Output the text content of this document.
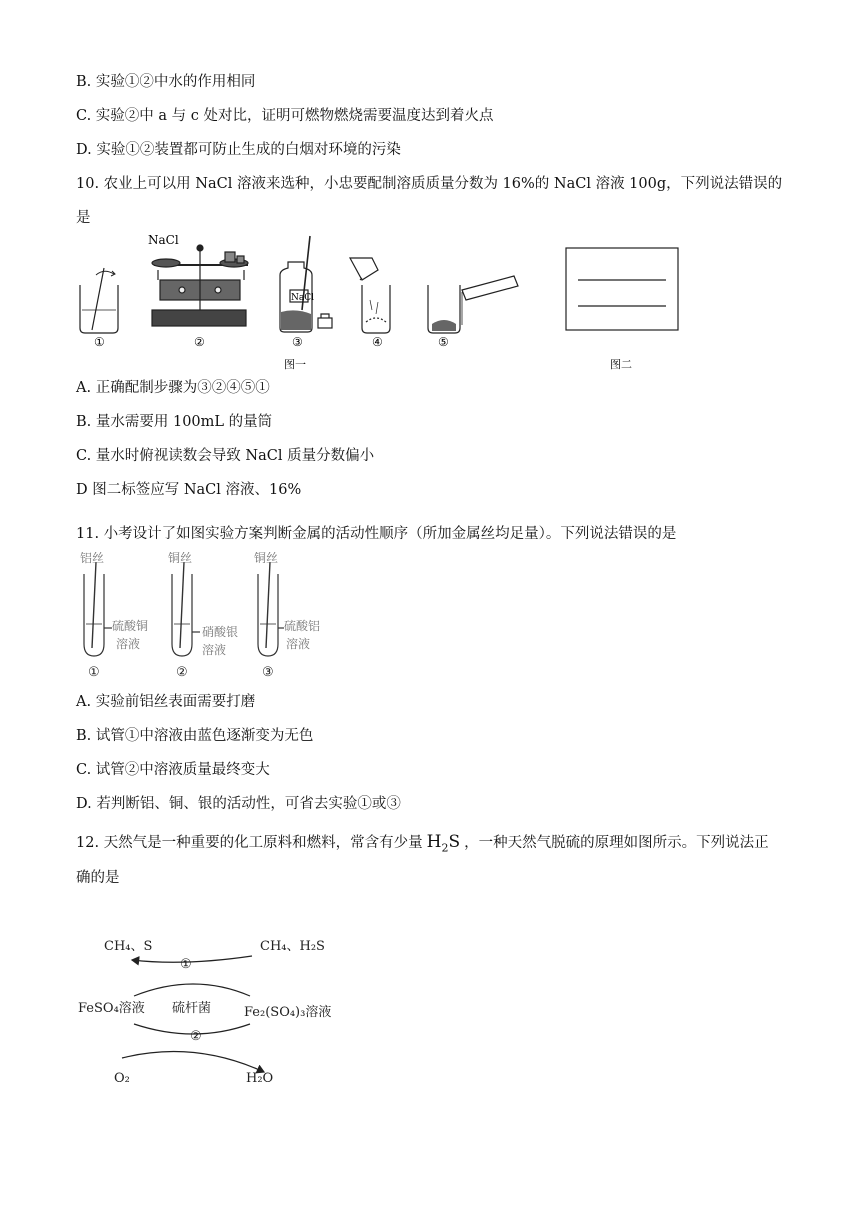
B. 实验①②中水的作用相同
C. 实验②中 a 与 c 处对比，证明可燃物燃烧需要温度达到着火点
D. 实验①②装置都可防止生成的白烟对环境的污染
10. 农业上可以用 NaCl 溶液来选种，小忠要配制溶质质量分数为 16%的 NaCl 溶液 100g，下列说法错误的
是
NaCl
NaCl
①	②	③	④	⑤
图一	图二
A. 正确配制步骤为③②④⑤①
B. 量水需要用 100mL 的量筒
C. 量水时俯视读数会导致 NaCl 质量分数偏小
D 图二标签应写 NaCl 溶液、16%
11. 小考设计了如图实验方案判断金属的活动性顺序（所加金属丝均足量）。下列说法错误的是
铝丝	铜丝	铜丝
硫酸铜
溶液
硝酸银
溶液
硫酸铝
溶液
①	②	③
A. 实验前铝丝表面需要打磨
B. 试管①中溶液由蓝色逐渐变为无色
C. 试管②中溶液质量最终变大
D. 若判断铝、铜、银的活动性，可省去实验①或③
12. 天然气是一种重要的化工原料和燃料，常含有少量 $H_2S$ ，一种天然气脱硫的原理如图所示。下列说法正
确的是
CH₄、S	CH₄、H₂S
①
FeSO₄溶液 硫杆菌	Fe₂(SO₄)₃溶液
②
O₂	H₂O
